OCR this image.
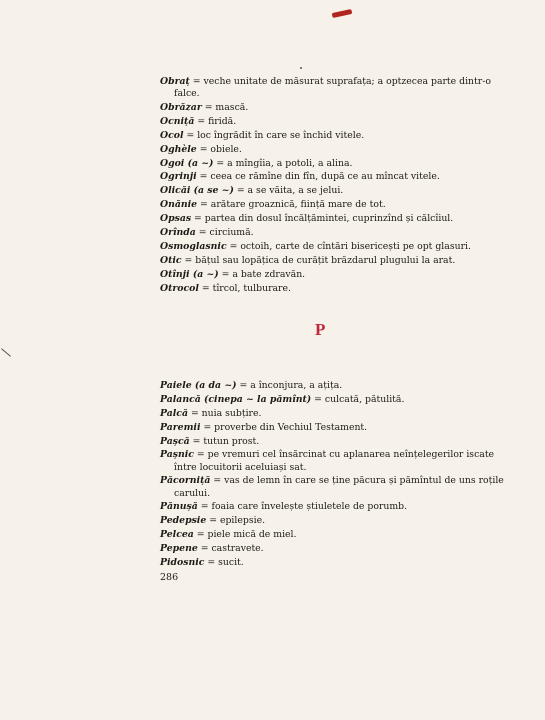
Obraț = veche unitate de măsurat suprafața; a optzecea parte dintr-o falce.

Obrăzar = mască.

Ocniță = firidă.

Ocol = loc îngrădit în care se închid vitele.

Oghèle = obiele.

Ogoi (a ~) = a mîngîia, a potoli, a alina.

Ogrinji = ceea ce rămîne din fîn, după ce au mîncat vitele.

Olicăi (a se ~) = a se văita, a se jelui.

Onănie = arătare groaznică, ființă mare de tot.

Opsas = partea din dosul încălțămintei, cuprinzînd și călcîiul.

Orînda = circiumă.

Osmoglasnic = octoih, carte de cîntări bisericești pe opt glasuri.

Otic = bățul sau lopățica de curățit brăzdarul plugului la arat.

Otînji (a ~) = a bate zdravăn.

Otrocol = tîrcol, tulburare.

P

Paiele (a da ~) = a înconjura, a ațița.

Palancă (cinepa ~ la pămînt) = culcată, pătulită.

Palcă = nuia subțire.

Paremii = proverbe din Vechiul Testament.

Pașcă = tutun prost.

Pașnic = pe vremuri cel însărcinat cu aplanarea neînțelegerilor iscate între locuitorii aceluiași sat.

Păcorniță = vas de lemn în care se ține păcura și pămîntul de uns roțile carului.

Pănușă = foaia care învelește știuletele de porumb.

Pedepsie = epilepsie.

Pelcea = piele mică de miel.

Pepene = castravete.

Pidosnic = sucit.

286
